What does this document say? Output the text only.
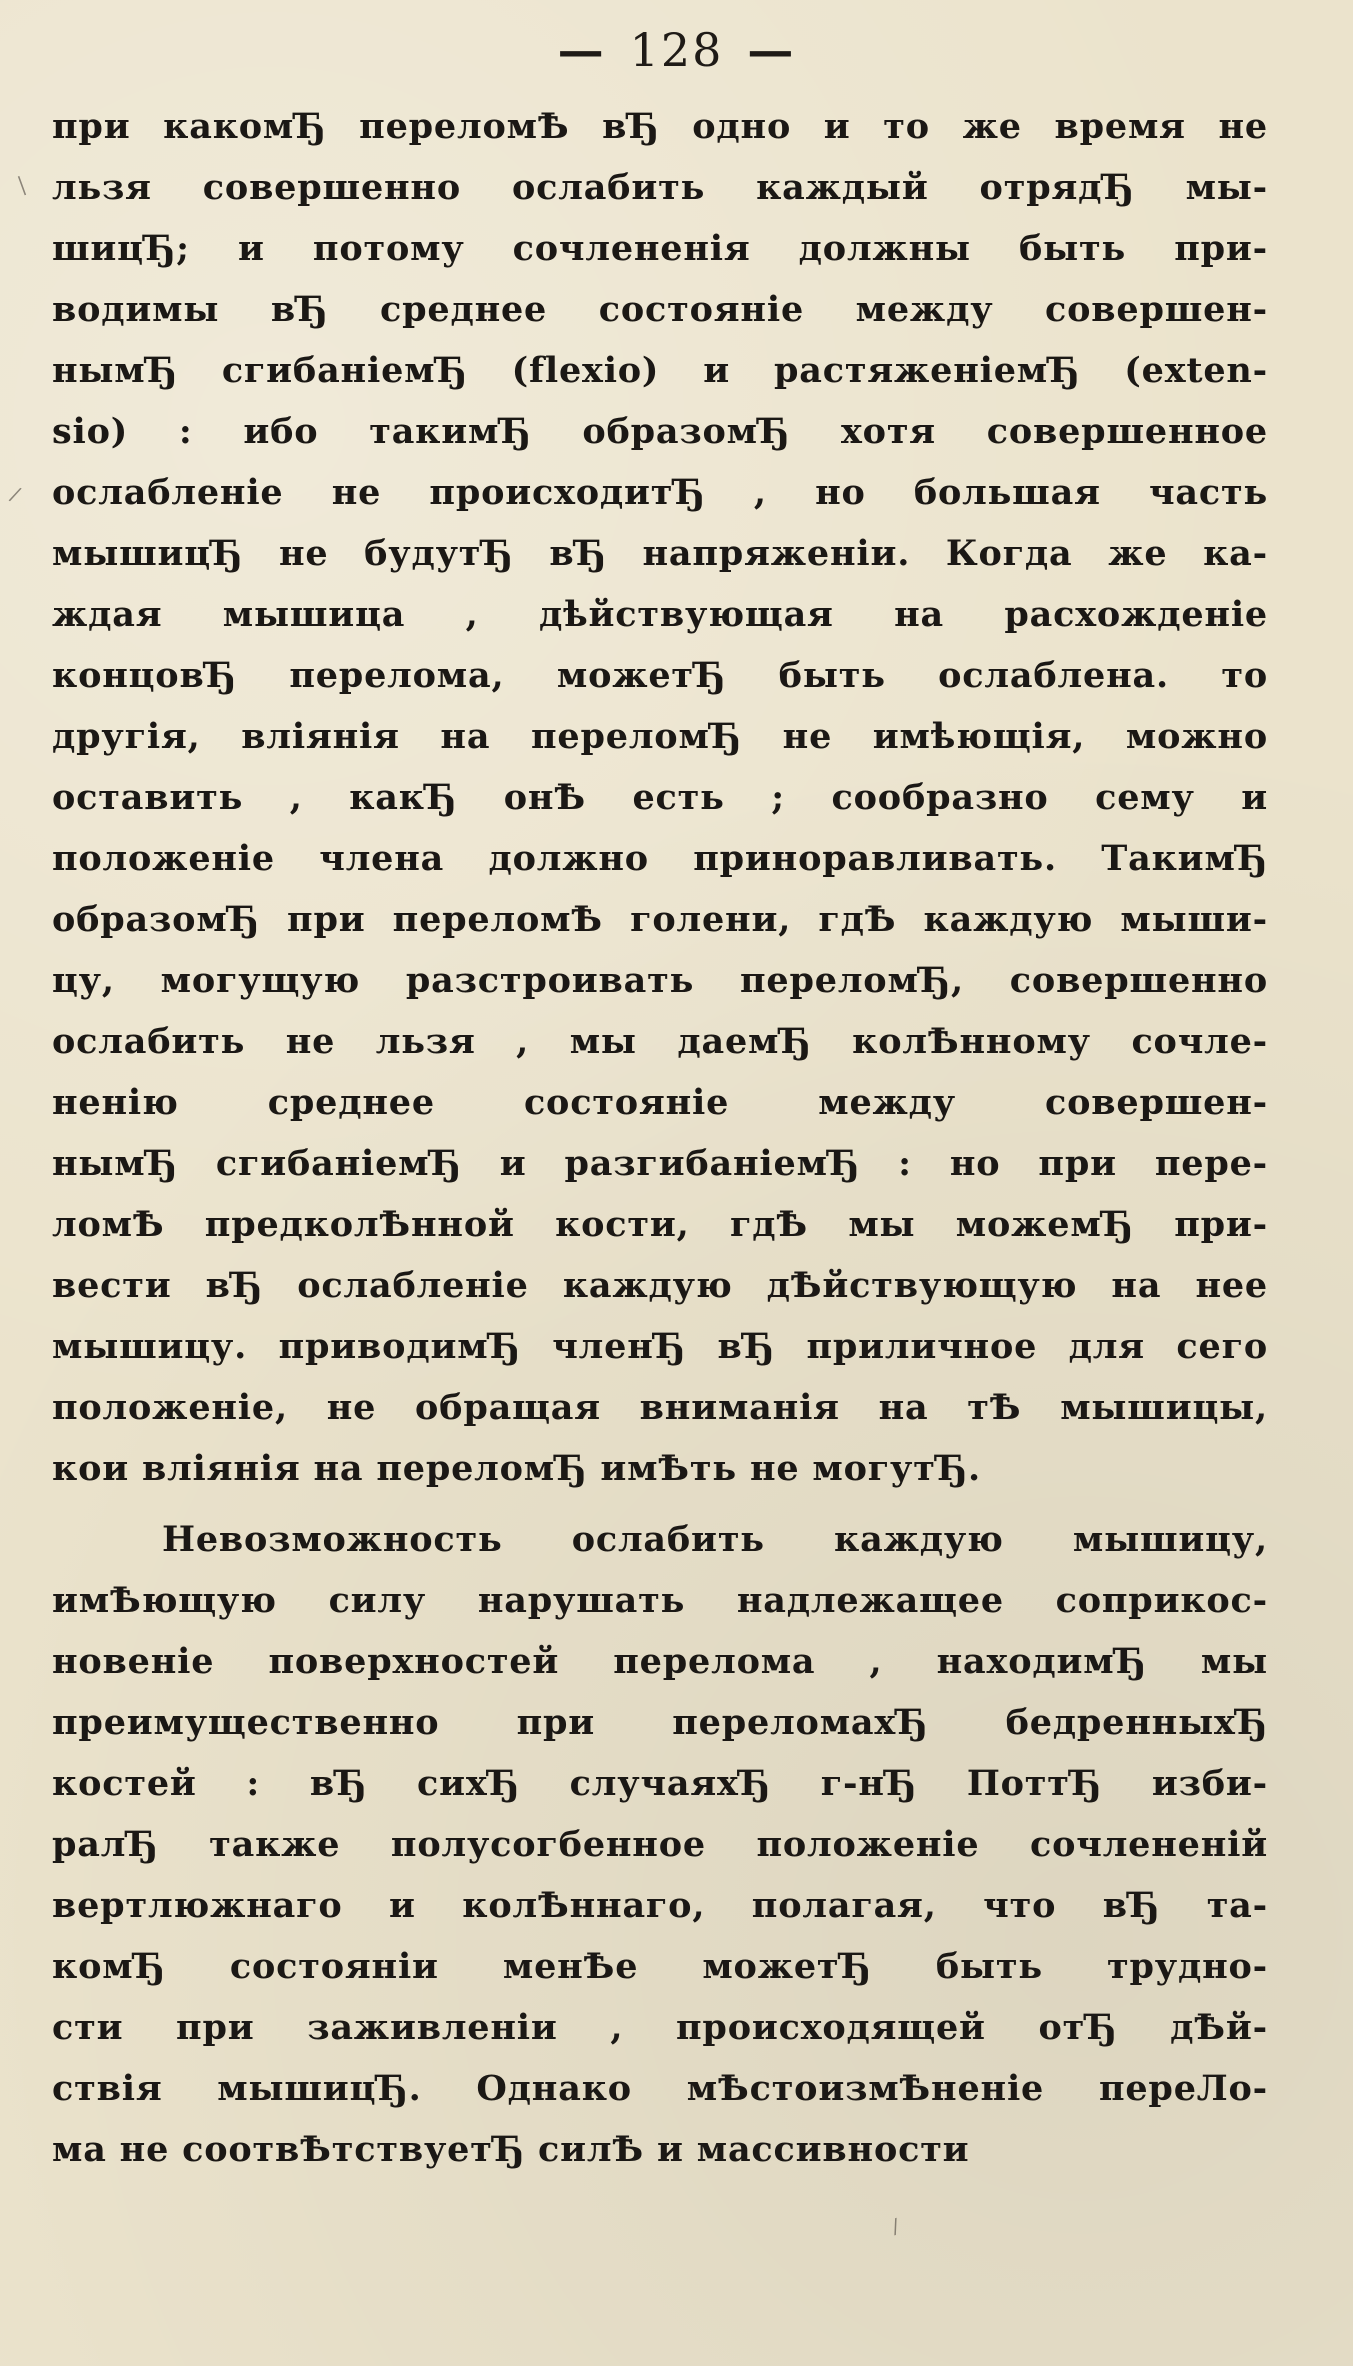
— 128 —
при какомЂ переломѢ вЂ одно и то же время не
льзя совершенно ослабить каждый отрядЂ мы-
шицЂ; и потому сочлененія должны быть при-
водимы вЂ среднее состояніе между совершен-
нымЂ сгибаніемЂ (flexio) и растяженіемЂ (exten-
sio) : ибо такимЂ образомЂ хотя совершенное
ослабленіе не происходитЂ , но большая часть
мышицЂ не будутЂ вЂ напряженіи. Когда же ка-
ждая мышица , дѣйствующая на расхожденіе
концовЂ перелома, можетЂ быть ослаблена. то
другія, вліянія на переломЂ не имѣющія, можно
оставить , какЂ онѢ есть ; сообразно сему и
положеніе члена должно приноравливать. ТакимЂ
образомЂ при переломѢ голени, гдѢ каждую мыши-
цу, могущую разстроивать переломЂ, совершенно
ослабить не льзя , мы даемЂ колѢнному сочле-
ненію среднее состояніе между совершен-
нымЂ сгибаніемЂ и разгибаніемЂ : но при пере-
ломѢ предколѢнной кости, гдѢ мы можемЂ при-
вести вЂ ослабленіе каждую дѢйствующую на нее
мышицу. приводимЂ членЂ вЂ приличное для сего
положеніе, не обращая вниманія на тѢ мышицы,
кои вліянія на переломЂ имѢть не могутЂ.
Невозможность ослабить каждую мышицу,
имѢющую силу нарушать надлежащее соприкос-
новеніе поверхностей перелома , находимЂ мы
преимущественно при переломахЂ бедренныхЂ
костей : вЂ сихЂ случаяхЂ г-нЂ ПоттЂ изби-
ралЂ также полусогбенное положеніе сочлененій
вертлюжнаго и колѢннаго, полагая, что вЂ та-
комЂ состояніи менѢе можетЂ быть трудно-
сти при заживленіи , происходящей отЂ дѢй-
ствія мышицЂ. Однако мѢстоизмѢненіе переЛо-
ма не соотвѢтствуетЂ силѢ и массивности
|
/
/
